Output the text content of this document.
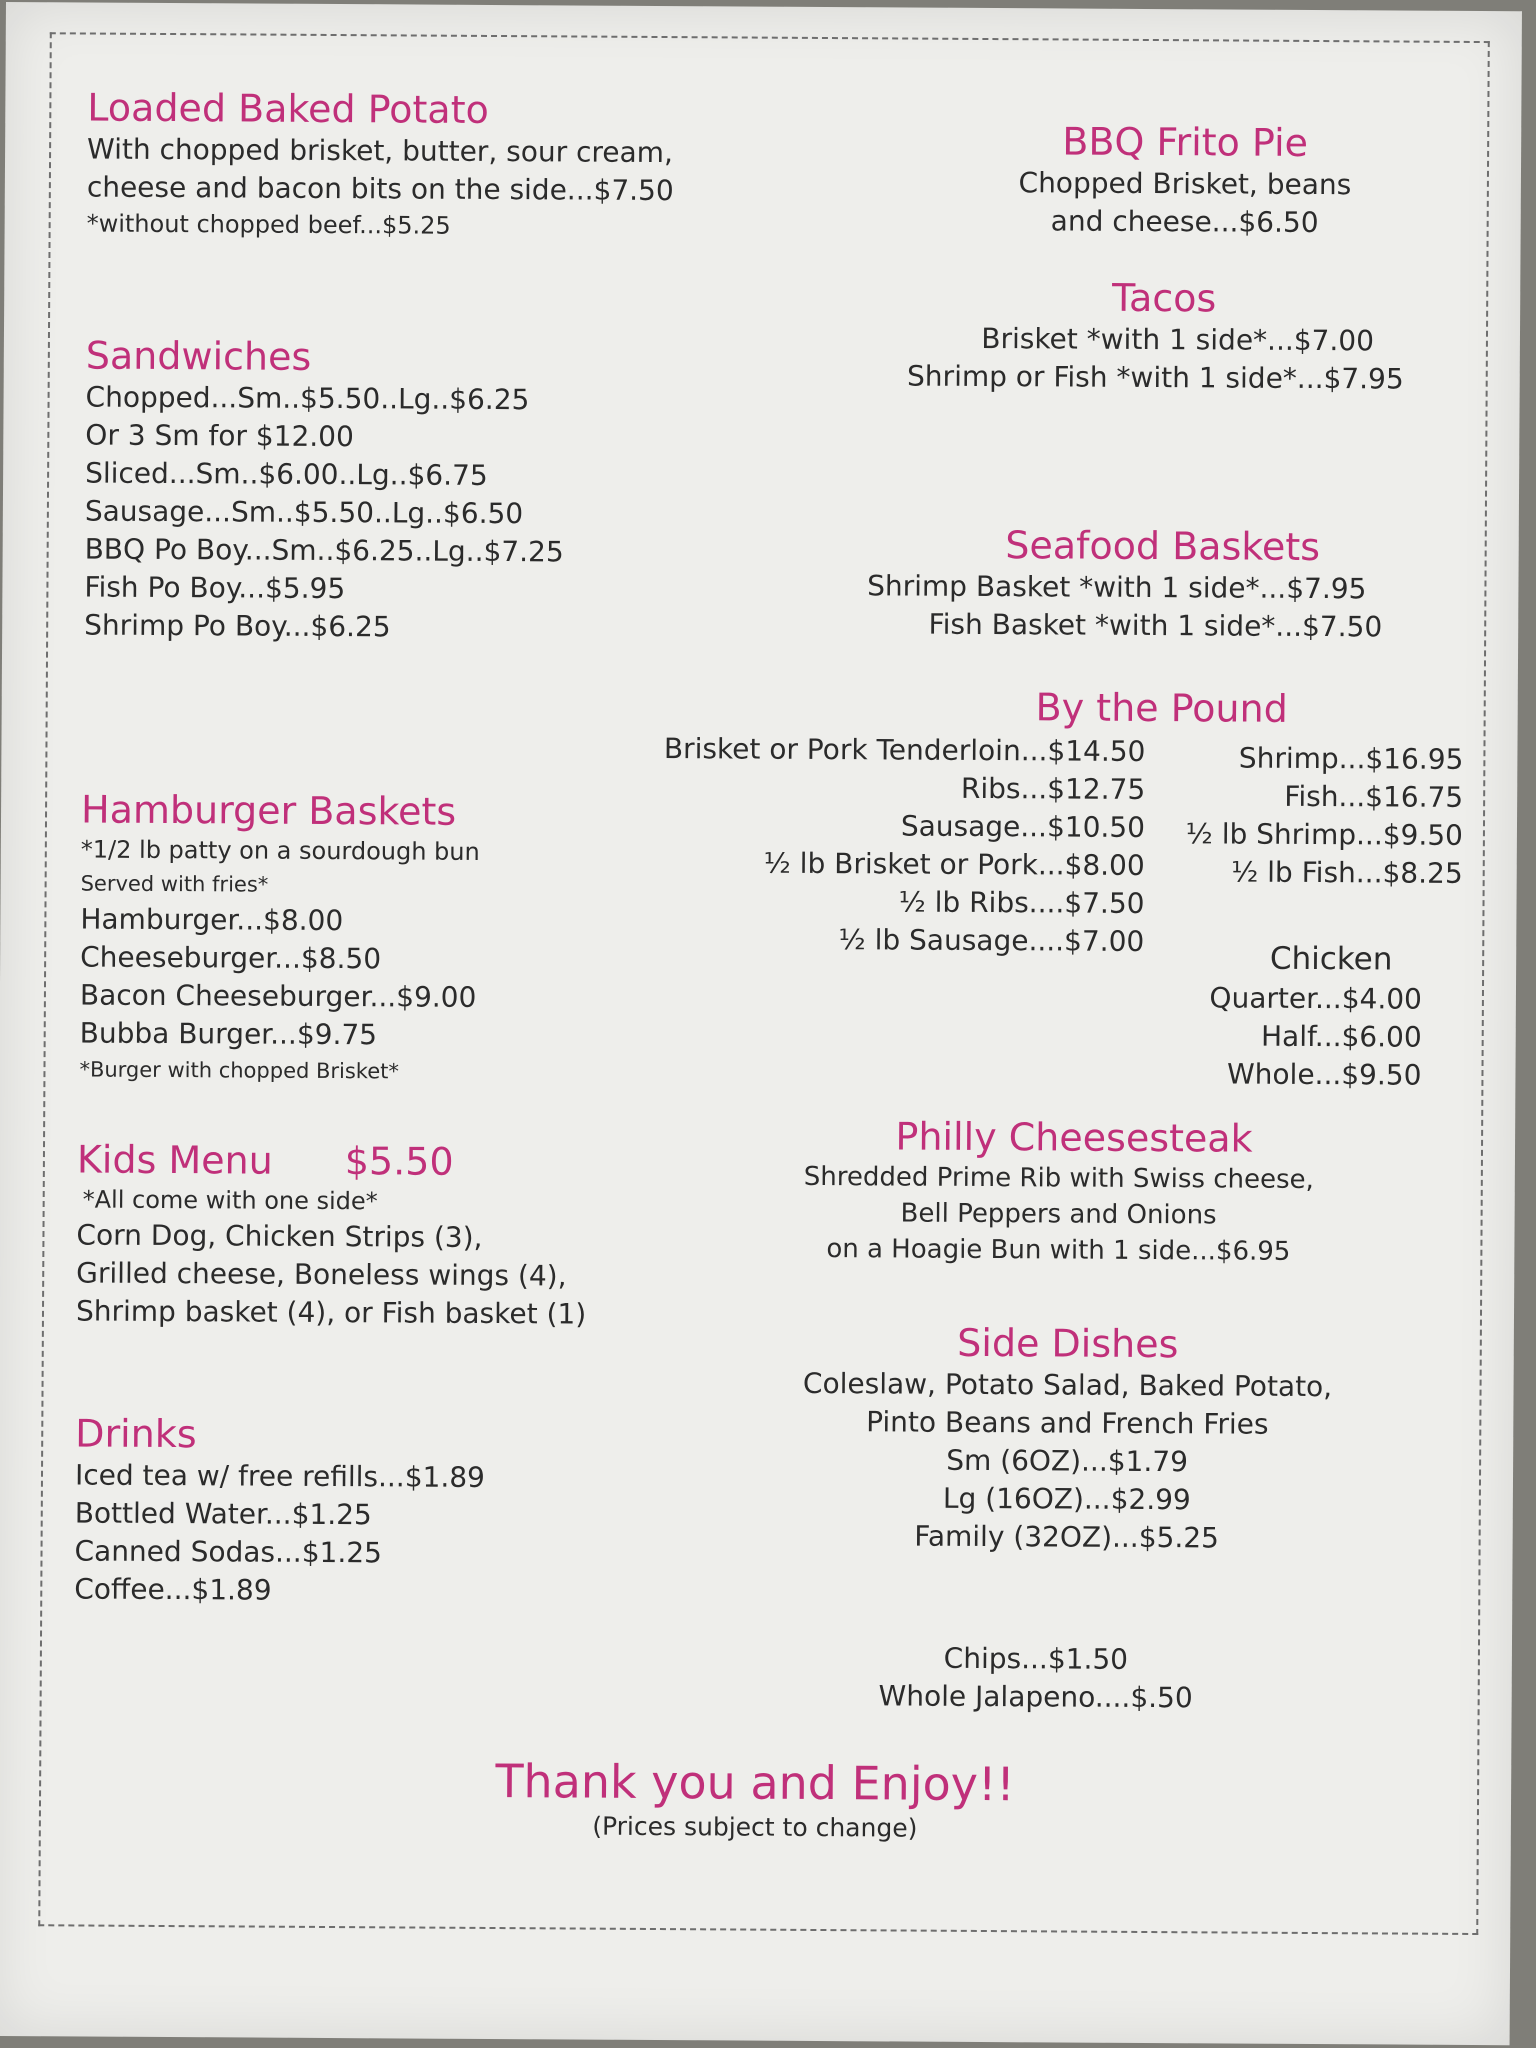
Loaded Baked Potato

With chopped brisket, butter, sour cream,

cheese and bacon bits on the side...$7.50

*without chopped beef...$5.25

Sandwiches

Chopped...Sm..$5.50..Lg..$6.25

Or 3 Sm for $12.00

Sliced...Sm..$6.00..Lg..$6.75

Sausage...Sm..$5.50..Lg..$6.50

BBQ Po Boy...Sm..$6.25..Lg..$7.25

Fish Po Boy...$5.95

Shrimp Po Boy...$6.25

Hamburger Baskets

*1/2 lb patty on a sourdough bun

Served with fries*

Hamburger...$8.00

Cheeseburger...$8.50

Bacon Cheeseburger...$9.00

Bubba Burger...$9.75

*Burger with chopped Brisket*

Kids Menu $5.50

*All come with one side*

Corn Dog, Chicken Strips (3),

Grilled cheese, Boneless wings (4),

Shrimp basket (4), or Fish basket (1)

Drinks

Iced tea w/ free refills...$1.89

Bottled Water...$1.25

Canned Sodas...$1.25

Coffee...$1.89

BBQ Frito Pie

Chopped Brisket, beans

and cheese...$6.50

Tacos

Brisket *with 1 side*...$7.00

Shrimp or Fish *with 1 side*...$7.95

Seafood Baskets

Shrimp Basket *with 1 side*...$7.95

Fish Basket *with 1 side*...$7.50

By the Pound

Brisket or Pork Tenderloin...$14.50

Ribs...$12.75

Sausage...$10.50

½ lb Brisket or Pork...$8.00

½ lb Ribs....$7.50

½ lb Sausage....$7.00

Shrimp...$16.95

Fish...$16.75

½ lb Shrimp...$9.50

½ lb Fish...$8.25

Chicken

Quarter...$4.00

Half...$6.00

Whole...$9.50

Philly Cheesesteak

Shredded Prime Rib with Swiss cheese,

Bell Peppers and Onions

on a Hoagie Bun with 1 side...$6.95

Side Dishes

Coleslaw, Potato Salad, Baked Potato,

Pinto Beans and French Fries

Sm (6OZ)...$1.79

Lg (16OZ)...$2.99

Family (32OZ)...$5.25

Chips...$1.50

Whole Jalapeno....$.50

Thank you and Enjoy!!

(Prices subject to change)
